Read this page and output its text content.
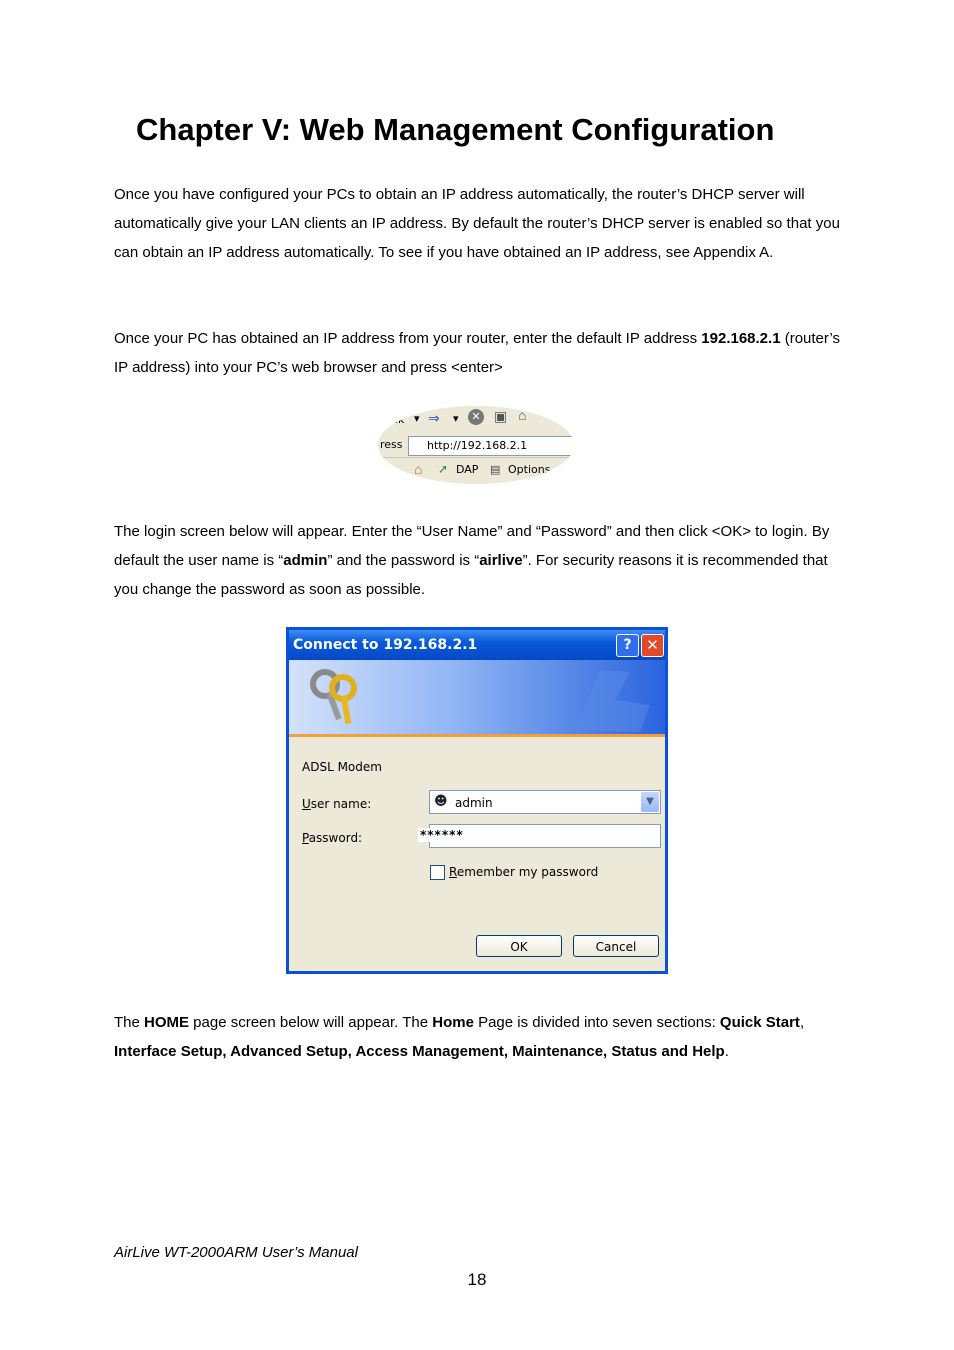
Chapter V: Web Management Configuration

Once you have configured your PCs to obtain an IP address automatically, the router’s DHCP server will automatically give your LAN clients an IP address. By default the router’s DHCP server is enabled so that you can obtain an IP address automatically. To see if you have obtained an IP address, see Appendix A.

Once your PC has obtained an IP address from your router, enter the default IP address 192.168.2.1 (router’s IP address) into your PC’s web browser and press <enter>

ck ▾ ⇒ ▾	✕ ▣ ⌂
ress http://192.168.2.1
⌂ ➚ DAP ▤ Options

The login screen below will appear. Enter the “User Name” and “Password” and then click <OK> to login. By default the user name is “admin” and the password is “airlive”. For security reasons it is recommended that you change the password as soon as possible.

Connect to 192.168.2.1	? ✕
ADSL Modem
User name:	☻ admin	▼
Password:	******
Remember my password
OK	Cancel

The HOME page screen below will appear. The Home Page is divided into seven sections: Quick Start, Interface Setup, Advanced Setup, Access Management, Maintenance, Status and Help.

AirLive WT-2000ARM User’s Manual
18
